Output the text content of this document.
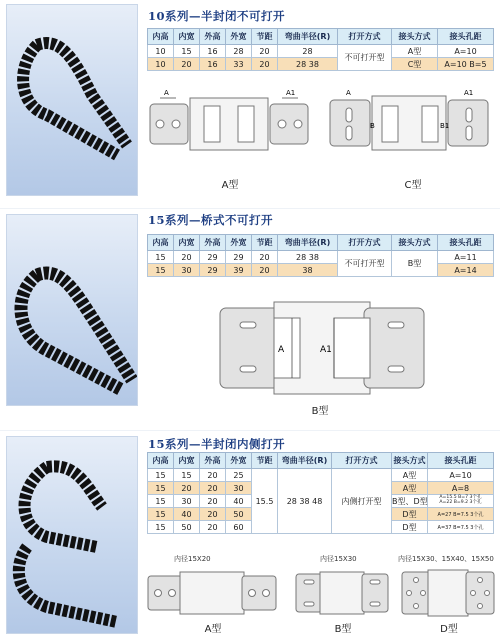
10系列—半封闭不可打开
内高	内宽	外高	外宽	节距	弯曲半径(R)	打开方式	接头方式	接头孔距
10	15	16	28	20	28	不可打开型	A型	A=10
10	20	16	33	20	28 38		C型	A=10 B=5
A	A1
A型
A	A1
B	B1
C型
15系列—桥式不可打开
内高	内宽	外高	外宽	节距	弯曲半径(R)	打开方式	接头方式	接头孔距
15	20	29	29	20	28 38	不可打开型	B型	A=11
15	30	29	39	20	38			A=14
A	A1
B型
15系列—半封闭内侧打开
内高	内宽	外高	外宽	节距	弯曲半径(R)	打开方式	接头方式	接头孔距
15	15	20	25	15.5	28 38 48	内侧打开型	A型	A=10
15	20	20	30				A型	A=8
15	30	20	40				B型、D型	A=15.5 B=7 3个孔
A=22 B=9.2 3个孔
15	40	20	50				D型	A=27 B=7.5 3个孔
15	50	20	60				D型	A=37 B=7.5 3个孔
内径15X20
A型
内径15X30
B型
内径15X30、15X40、15X50
D型
